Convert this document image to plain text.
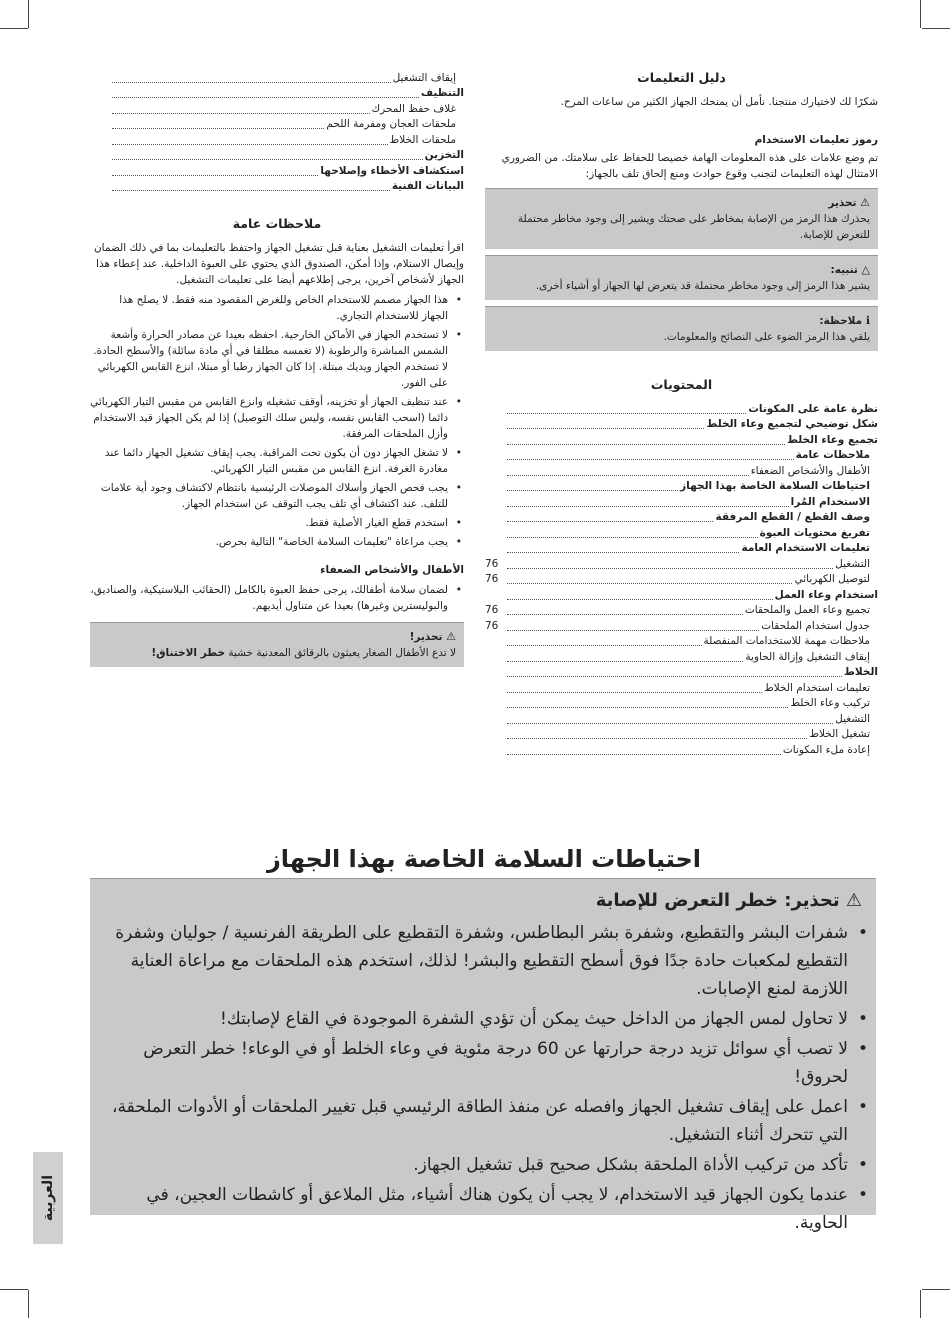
دليل التعليمات

شكرًا لك لاختيارك منتجنا. نأمل أن يمنحك الجهاز الكثير من ساعات المرح.

رموز تعليمات الاستخدام

تم وضع علامات على هذه المعلومات الهامة خصيصا للحفاظ على سلامتك. من الضروري الامتثال لهذه التعليمات لتجنب وقوع حوادث ومنع إلحاق تلف بالجهاز:

⚠ تحذير
يحذرك هذا الرمز من الإصابة بمخاطر على صحتك ويشير إلى وجود مخاطر محتملة للتعرض للإصابة.
△ تنبيه:
يشير هذا الرمز إلى وجود مخاطر محتملة قد يتعرض لها الجهاز أو أشياء أخرى.
ℹ ملاحظة:
يلقي هذا الرمز الضوء على النصائح والمعلومات.
المحتويات
نظرة عامة على المكونات
شكل توضيحي لتجميع وعاء الخلط
تجميع وعاء الخلط
ملاحظات عامة
الأطفال والأشخاص الضعفاء
احتياطات السلامة الخاصة بهذا الجهاز
الاستخدام المُرا
وصف القطع / القطع المرفقة
تفريغ محتويات العبوة
تعليمات الاستخدام العامة
التشغيل
76
لتوصيل الكهربائي
76
استخدام وعاء العمل
تجميع وعاء العمل والملحقات
76
جدول استخدام الملحقات
76
ملاحظات مهمة للاستخدامات المنفصلة
إيقاف التشغيل وإزالة الحاوية
الخلاط
تعليمات استخدام الخلاط
تركيب وعاء الخلط
التشغيل
تشغيل الخلاط
إعادة ملء المكونات
إيقاف التشغيل
التنظيف
غلاف حفظ المحرك
ملحقات العجان ومفرمة اللحم
ملحقات الخلاط
التخزين
استكشاف الأخطاء وإصلاحها
البيانات الفنية
ملاحظات عامة

اقرأ تعليمات التشغيل بعناية قبل تشغيل الجهاز واحتفظ بالتعليمات بما في ذلك الضمان وإيصال الاستلام، وإذا أمكن، الصندوق الذي يحتوي على العبوة الداخلية. عند إعطاء هذا الجهاز لأشخاص آخرين، يرجى إطلاعهم أيضا على تعليمات التشغيل.

• هذا الجهاز مصمم للاستخدام الخاص وللغرض المقصود منه فقط. لا يصلح هذا الجهاز للاستخدام التجاري.
• لا تستخدم الجهاز في الأماكن الخارجية. احفظه بعيدا عن مصادر الحرارة وأشعة الشمس المباشرة والرطوبة (لا تغمسه مطلقا في أي مادة سائلة) والأسطح الحادة. لا تستخدم الجهاز ويديك مبتلة. إذا كان الجهاز رطبا أو مبتلا، انزع القابس الكهربائي على الفور.
• عند تنظيف الجهاز أو تخزينه، أوقف تشغيله وانزع القابس من مقبس التيار الكهربائي دائما (اسحب القابس نفسه، وليس سلك التوصيل) إذا لم يكن الجهاز قيد الاستخدام وأزل الملحقات المرفقة.
• لا تشغل الجهاز دون أن يكون تحت المراقبة. يجب إيقاف تشغيل الجهاز دائما عند مغادرة الغرفة. انزع القابس من مقبس التيار الكهربائي.
• يجب فحص الجهاز وأسلاك الموصلات الرئيسية بانتظام لاكتشاف وجود أية علامات للتلف. عند اكتشاف أي تلف يجب التوقف عن استخدام الجهاز.
• استخدم قطع الغيار الأصلية فقط.
• يجب مراعاة "تعليمات السلامة الخاصة" التالية بحرص.
الأطفال والأشخاص الضعفاء
• لضمان سلامة أطفالك، يرجى حفظ العبوة بالكامل (الحقائب البلاستيكية، والصناديق، والبوليسترين وغيرها) بعيدا عن متناول أيديهم.
⚠ تحذير!
لا تدع الأطفال الصغار يعبثون بالرقائق المعدنية خشية خطر الاختناق!
احتياطات السلامة الخاصة بهذا الجهاز
⚠ تحذير: خطر التعرض للإصابة
• شفرات البشر والتقطيع، وشفرة بشر البطاطس، وشفرة التقطيع على الطريقة الفرنسية / جوليان وشفرة التقطيع لمكعبات حادة جدًا فوق أسطح التقطيع والبشر! لذلك، استخدم هذه الملحقات مع مراعاة العناية اللازمة لمنع الإصابات.
• لا تحاول لمس الجهاز من الداخل حيث يمكن أن تؤدي الشفرة الموجودة في القاع لإصابتك!
• لا تصب أي سوائل تزيد درجة حرارتها عن 60 درجة مئوية في وعاء الخلط أو في الوعاء! خطر التعرض لحروق!
• اعمل على إيقاف تشغيل الجهاز وافصله عن منفذ الطاقة الرئيسي قبل تغيير الملحقات أو الأدوات الملحقة، التي تتحرك أثناء التشغيل.
• تأكد من تركيب الأداة الملحقة بشكل صحيح قبل تشغيل الجهاز.
• عندما يكون الجهاز قيد الاستخدام، لا يجب أن يكون هناك أشياء، مثل الملاعق أو كاشطات العجين، في الحاوية.
العربية
